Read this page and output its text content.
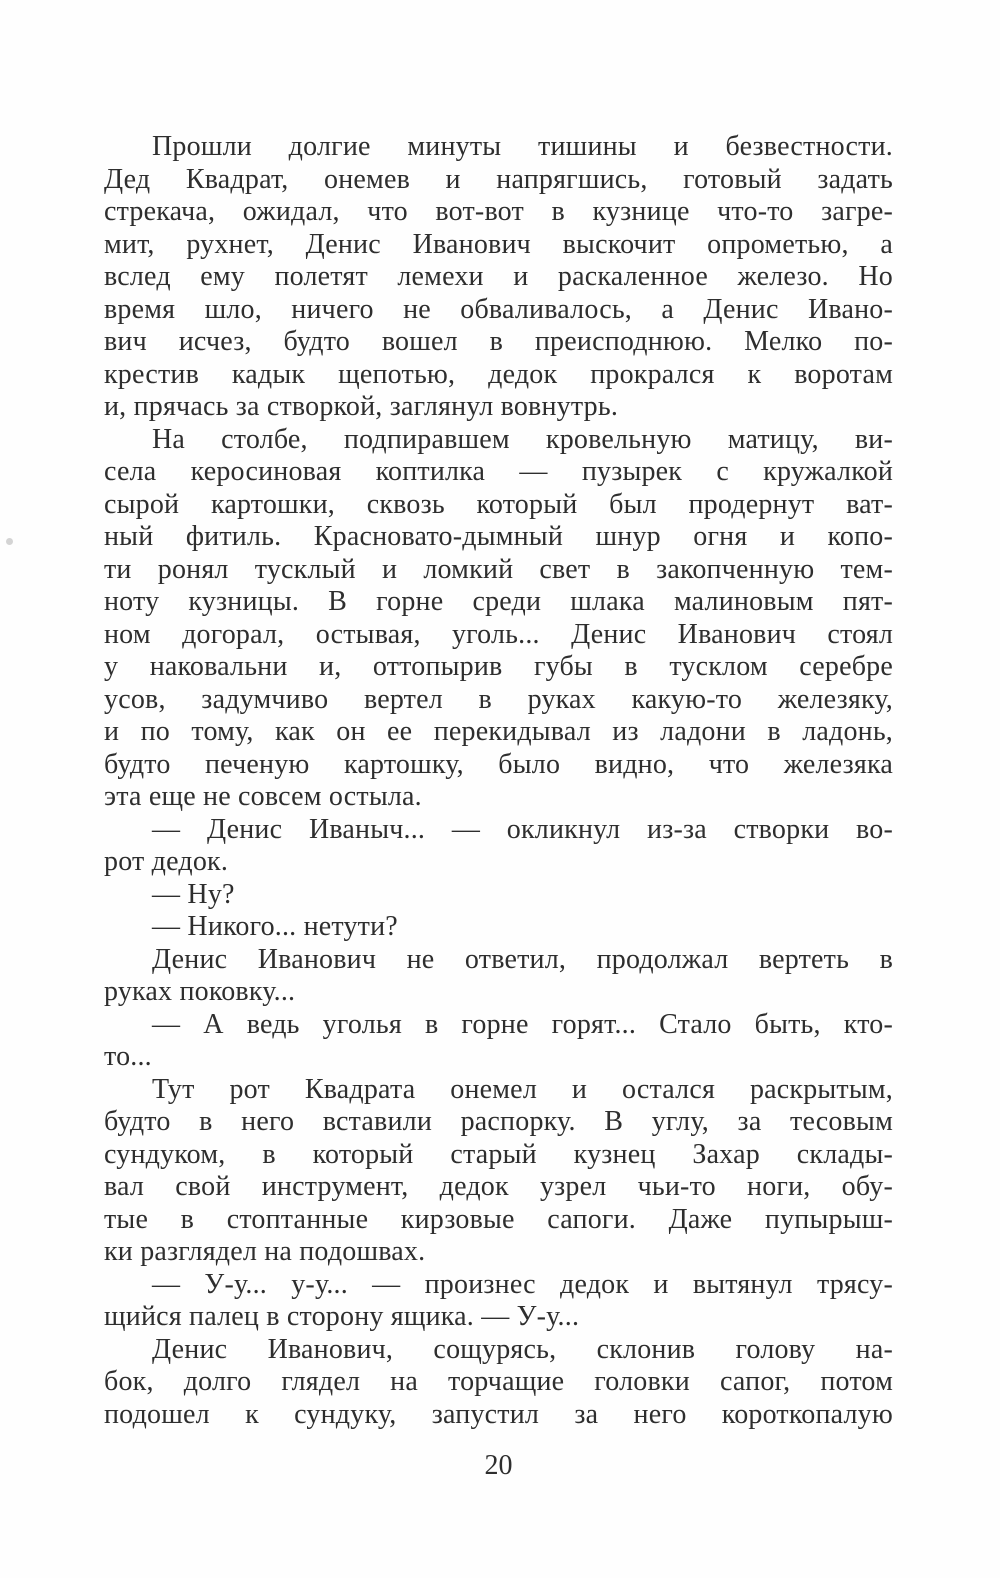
Прошли долгие минуты тишины и безвестности.
Дед Квадрат, онемев и напрягшись, готовый задать
стрекача, ожидал, что вот-вот в кузнице что-то загре-
мит, рухнет, Денис Иванович выскочит опрометью, а
вслед ему полетят лемехи и раскаленное железо. Но
время шло, ничего не обваливалось, а Денис Ивано-
вич исчез, будто вошел в преисподнюю. Мелко по-
крестив кадык щепотью, дедок прокрался к воротам
и, прячась за створкой, заглянул вовнутрь.
На столбе, подпиравшем кровельную матицу, ви-
села керосиновая коптилка — пузырек с кружалкой
сырой картошки, сквозь который был продернут ват-
ный фитиль. Красновато-дымный шнур огня и копо-
ти ронял тусклый и ломкий свет в закопченную тем-
ноту кузницы. В горне среди шлака малиновым пят-
ном догорал, остывая, уголь... Денис Иванович стоял
у наковальни и, оттопырив губы в тусклом серебре
усов, задумчиво вертел в руках какую-то железяку,
и по тому, как он ее перекидывал из ладони в ладонь,
будто печеную картошку, было видно, что железяка
эта еще не совсем остыла.
— Денис Иваныч... — окликнул из-за створки во-
рот дедок.
— Ну?
— Никого... нетути?
Денис Иванович не ответил, продолжал вертеть в
руках поковку...
— А ведь уголья в горне горят... Стало быть, кто-
то...
Тут рот Квадрата онемел и остался раскрытым,
будто в него вставили распорку. В углу, за тесовым
сундуком, в который старый кузнец Захар склады-
вал свой инструмент, дедок узрел чьи-то ноги, обу-
тые в стоптанные кирзовые сапоги. Даже пупырыш-
ки разглядел на подошвах.
— У-у... у-у... — произнес дедок и вытянул трясу-
щийся палец в сторону ящика. — У-у...
Денис Иванович, сощурясь, склонив голову на-
бок, долго глядел на торчащие головки сапог, потом
подошел к сундуку, запустил за него короткопалую
20
